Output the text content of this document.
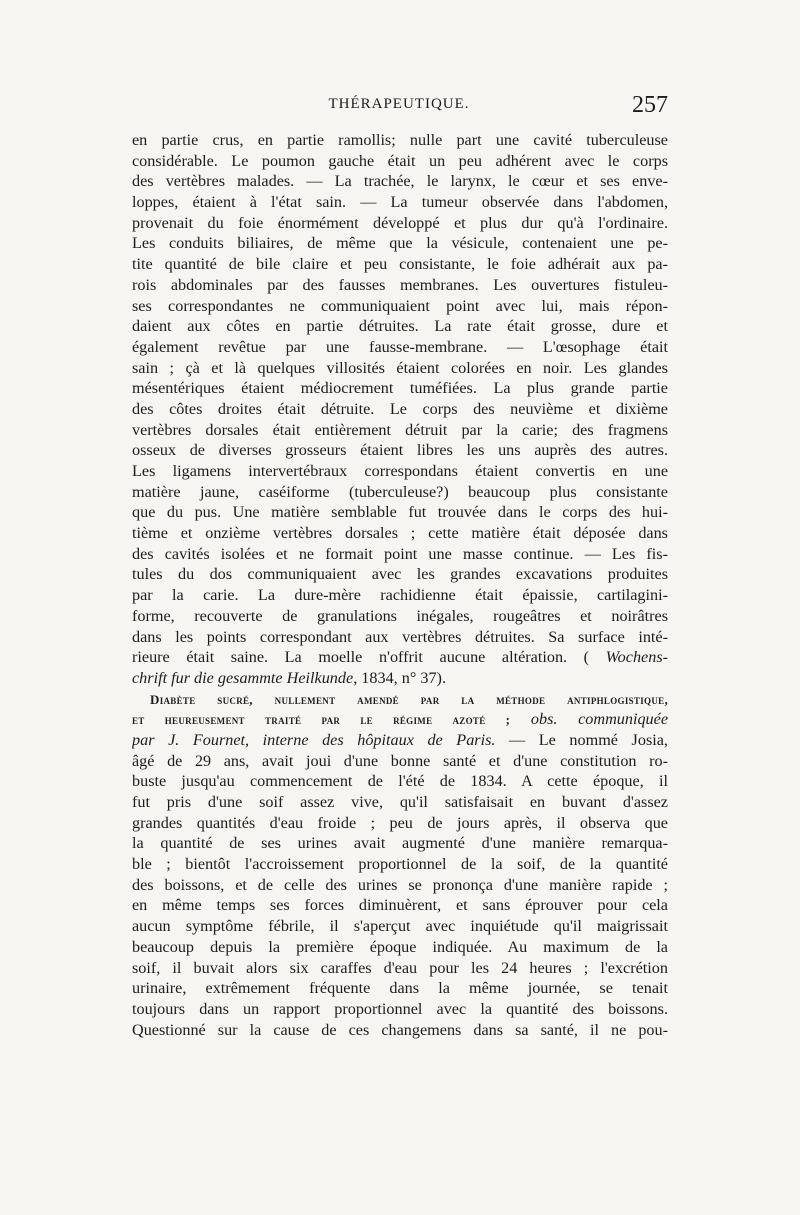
THÉRAPEUTIQUE.	257
en partie crus, en partie ramollis; nulle part une cavité tuberculeuse
considérable. Le poumon gauche était un peu adhérent avec le corps
des vertèbres malades. — La trachée, le larynx, le cœur et ses enve-
loppes, étaient à l'état sain. — La tumeur observée dans l'abdomen,
provenait du foie énormément développé et plus dur qu'à l'ordinaire.
Les conduits biliaires, de même que la vésicule, contenaient une pe-
tite quantité de bile claire et peu consistante, le foie adhérait aux pa-
rois abdominales par des fausses membranes. Les ouvertures fistuleu-
ses correspondantes ne communiquaient point avec lui, mais répon-
daient aux côtes en partie détruites. La rate était grosse, dure et
également revêtue par une fausse-membrane. — L'œsophage était
sain ; çà et là quelques villosités étaient colorées en noir. Les glandes
mésentériques étaient médiocrement tuméfiées. La plus grande partie
des côtes droites était détruite. Le corps des neuvième et dixième
vertèbres dorsales était entièrement détruit par la carie; des fragmens
osseux de diverses grosseurs étaient libres les uns auprès des autres.
Les ligamens intervertébraux correspondans étaient convertis en une
matière jaune, caséiforme (tuberculeuse?) beaucoup plus consistante
que du pus. Une matière semblable fut trouvée dans le corps des hui-
tième et onzième vertèbres dorsales ; cette matière était déposée dans
des cavités isolées et ne formait point une masse continue. — Les fis-
tules du dos communiquaient avec les grandes excavations produites
par la carie. La dure-mère rachidienne était épaissie, cartilagini-
forme, recouverte de granulations inégales, rougeâtres et noirâtres
dans les points correspondant aux vertèbres détruites. Sa surface inté-
rieure était saine. La moelle n'offrit aucune altération. ( Wochens-
chrift fur die gesammte Heilkunde, 1834, n° 37).
Diabète sucré, nullement amendé par la méthode antiphlogistique,
et heureusement traité par le régime azoté ; obs. communiquée
par J. Fournet, interne des hôpitaux de Paris. — Le nommé Josia,
âgé de 29 ans, avait joui d'une bonne santé et d'une constitution ro-
buste jusqu'au commencement de l'été de 1834. A cette époque, il
fut pris d'une soif assez vive, qu'il satisfaisait en buvant d'assez
grandes quantités d'eau froide ; peu de jours après, il observa que
la quantité de ses urines avait augmenté d'une manière remarqua-
ble ; bientôt l'accroissement proportionnel de la soif, de la quantité
des boissons, et de celle des urines se prononça d'une manière rapide ;
en même temps ses forces diminuèrent, et sans éprouver pour cela
aucun symptôme fébrile, il s'aperçut avec inquiétude qu'il maigrissait
beaucoup depuis la première époque indiquée. Au maximum de la
soif, il buvait alors six caraffes d'eau pour les 24 heures ; l'excrétion
urinaire, extrêmement fréquente dans la même journée, se tenait
toujours dans un rapport proportionnel avec la quantité des boissons.
Questionné sur la cause de ces changemens dans sa santé, il ne pou-
